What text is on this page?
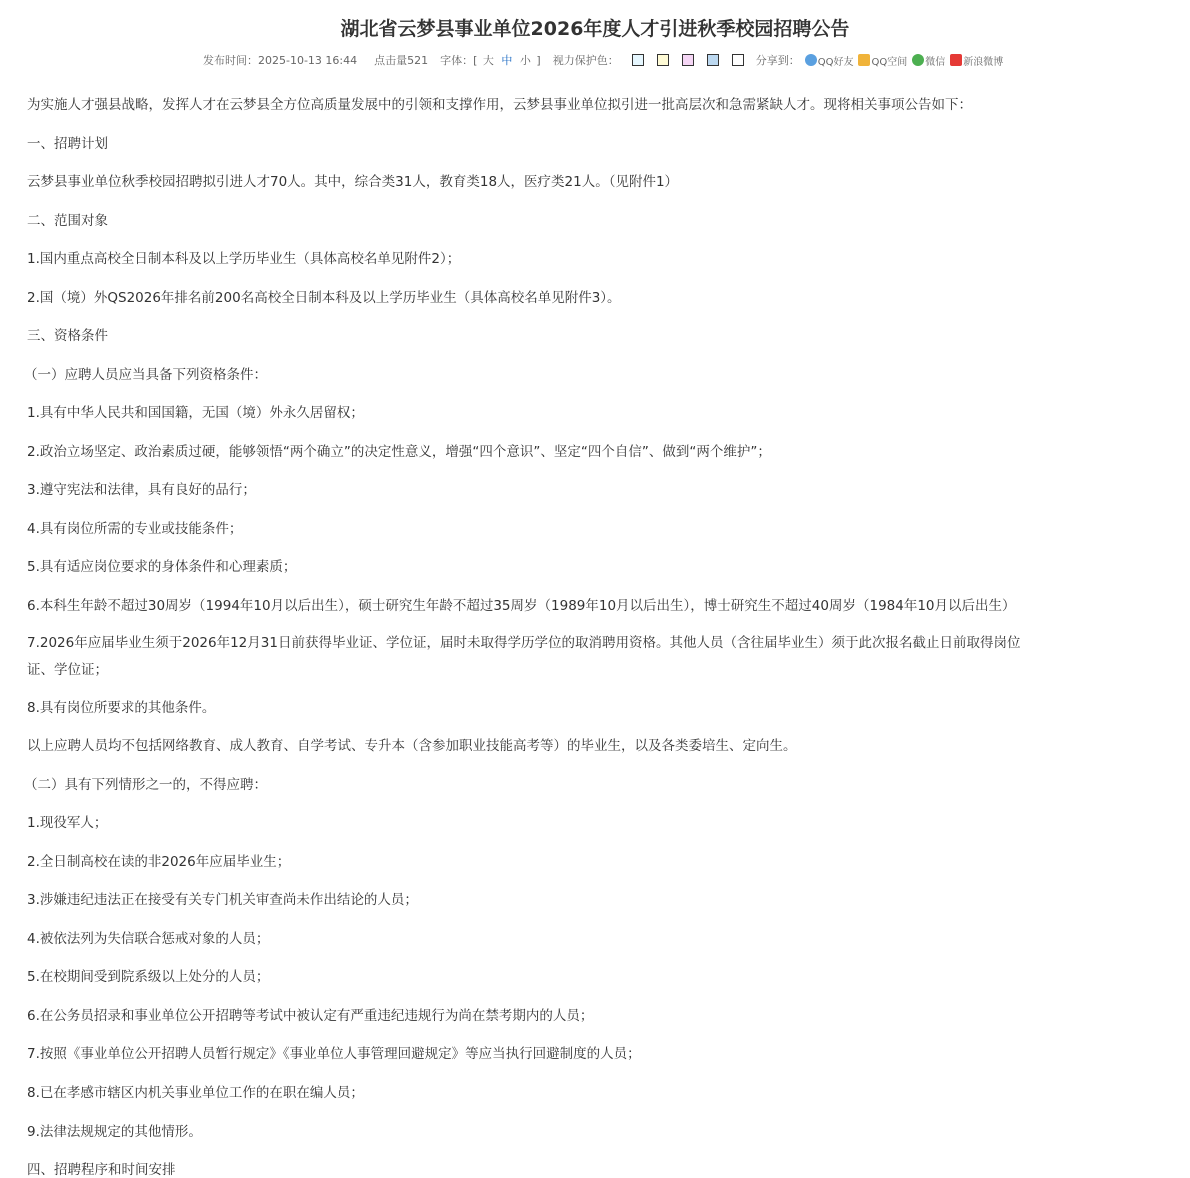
湖北省云梦县事业单位2026年度人才引进秋季校园招聘公告
发布时间：2025-10-13 16:44 点击量521 字体：[ 大 中 小 ] 视力保护色：	分享到： QQ好友 QQ空间 微信 新浪微博
为实施人才强县战略，发挥人才在云梦县全方位高质量发展中的引领和支撑作用，云梦县事业单位拟引进一批高层次和急需紧缺人才。现将相关事项公告如下：
一、招聘计划
云梦县事业单位秋季校园招聘拟引进人才70人。其中，综合类31人，教育类18人，医疗类21人。（见附件1）
二、范围对象
1.国内重点高校全日制本科及以上学历毕业生（具体高校名单见附件2）；
2.国（境）外QS2026年排名前200名高校全日制本科及以上学历毕业生（具体高校名单见附件3）。
三、资格条件
（一）应聘人员应当具备下列资格条件：
1.具有中华人民共和国国籍，无国（境）外永久居留权；
2.政治立场坚定、政治素质过硬，能够领悟“两个确立”的决定性意义，增强“四个意识”、坚定“四个自信”、做到“两个维护”；
3.遵守宪法和法律，具有良好的品行；
4.具有岗位所需的专业或技能条件；
5.具有适应岗位要求的身体条件和心理素质；
6.本科生年龄不超过30周岁（1994年10月以后出生），硕士研究生年龄不超过35周岁（1989年10月以后出生），博士研究生不超过40周岁（1984年10月以后出生）
7.2026年应届毕业生须于2026年12月31日前获得毕业证、学位证，届时未取得学历学位的取消聘用资格。其他人员（含往届毕业生）须于此次报名截止日前取得岗位
证、学位证；
8.具有岗位所要求的其他条件。
以上应聘人员均不包括网络教育、成人教育、自学考试、专升本（含参加职业技能高考等）的毕业生，以及各类委培生、定向生。
（二）具有下列情形之一的，不得应聘：
1.现役军人；
2.全日制高校在读的非2026年应届毕业生；
3.涉嫌违纪违法正在接受有关专门机关审查尚未作出结论的人员；
4.被依法列为失信联合惩戒对象的人员；
5.在校期间受到院系级以上处分的人员；
6.在公务员招录和事业单位公开招聘等考试中被认定有严重违纪违规行为尚在禁考期内的人员；
7.按照《事业单位公开招聘人员暂行规定》《事业单位人事管理回避规定》等应当执行回避制度的人员；
8.已在孝感市辖区内机关事业单位工作的在职在编人员；
9.法律法规规定的其他情形。
四、招聘程序和时间安排
